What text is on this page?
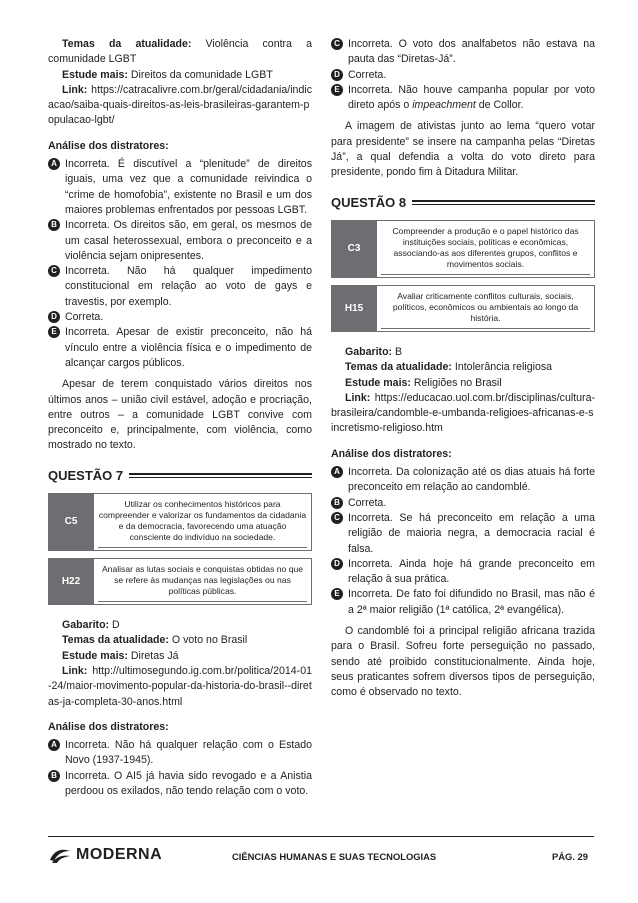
Temas da atualidade: Violência contra a comunidade LGBT

Estude mais: Direitos da comunidade LGBT

Link: https://catracalivre.com.br/geral/cidadania/indicacao/saiba-quais-direitos-as-leis-brasileiras-garantem-populacao-lgbt/

Análise dos distratores:

A Incorreta. É discutível a “plenitude” de direitos iguais, uma vez que a comunidade reivindica o “crime de homofobia”, existente no Brasil e um dos maiores problemas enfrentados por pessoas LGBT.
B Incorreta. Os direitos são, em geral, os mesmos de um casal heterossexual, embora o preconceito e a violência sejam onipresentes.
C Incorreta. Não há qualquer impedimento constitucional em relação ao voto de gays e travestis, por exemplo.
D Correta.
E Incorreta. Apesar de existir preconceito, não há vínculo entre a violência física e o impedimento de alcançar cargos públicos.

Apesar de terem conquistado vários direitos nos últimos anos – união civil estável, adoção e procriação, entre outros – a comunidade LGBT convive com preconceito e, principalmente, com violência, como mostrado no texto.

QUESTÃO 7
C5
Utilizar os conhecimentos históricos para compreender e valorizar os fundamentos da cidadania e da democracia, favorecendo uma atuação consciente do indivíduo na sociedade.
H22
Analisar as lutas sociais e conquistas obtidas no que se refere às mudanças nas legislações ou nas políticas públicas.

Gabarito: D

Temas da atualidade: O voto no Brasil

Estude mais: Diretas Já

Link: http://ultimosegundo.ig.com.br/politica/2014-01-24/maior-movimento-popular-da-historia-do-brasil--diretas-ja-completa-30-anos.html

Análise dos distratores:

A Incorreta. Não há qualquer relação com o Estado Novo (1937-1945).
B Incorreta. O AI5 já havia sido revogado e a Anistia perdoou os exilados, não tendo relação com o voto.
C Incorreta. O voto dos analfabetos não estava na pauta das “Diretas-Já”.
D Correta.
E Incorreta. Não houve campanha popular por voto direto após o impeachment de Collor.

A imagem de ativistas junto ao lema “quero votar para presidente” se insere na campanha pelas “Diretas Já”, a qual defendia a volta do voto direto para presidente, pondo fim à Ditadura Militar.

QUESTÃO 8
C3
Compreender a produção e o papel histórico das instituições sociais, políticas e econômicas, associando-as aos diferentes grupos, conflitos e movimentos sociais.
H15
Avaliar criticamente conflitos culturais, sociais, políticos, econômicos ou ambientais ao longo da história.

Gabarito: B

Temas da atualidade: Intolerância religiosa

Estude mais: Religiões no Brasil

Link: https://educacao.uol.com.br/disciplinas/cultura-brasileira/candomble-e-umbanda-religioes-africanas-e-sincretismo-religioso.htm

Análise dos distratores:

A Incorreta. Da colonização até os dias atuais há forte preconceito em relação ao candomblé.
B Correta.
C Incorreta. Se há preconceito em relação a uma religião de maioria negra, a democracia racial é falsa.
D Incorreta. Ainda hoje há grande preconceito em relação à sua prática.
E Incorreta. De fato foi difundido no Brasil, mas não é a 2ª maior religião (1ª católica, 2ª evangélica).

O candomblé foi a principal religião africana trazida para o Brasil. Sofreu forte perseguição no passado, sendo até proibido constitucionalmente. Ainda hoje, seus praticantes sofrem diversos tipos de perseguição, como é observado no texto.

MODERNA	CIÊNCIAS HUMANAS E SUAS TECNOLOGIAS	PÁG. 29
